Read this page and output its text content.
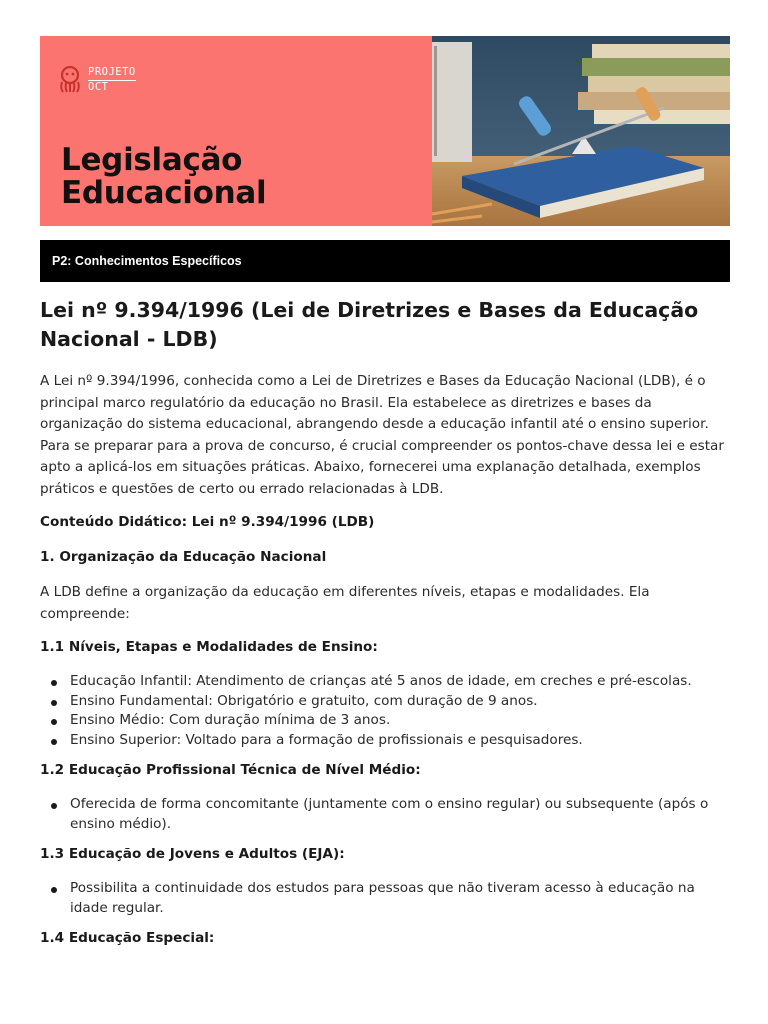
PROJETO
OCT
Legislação
Educacional
P2: Conhecimentos Específicos
Lei nº 9.394/1996 (Lei de Diretrizes e Bases da Educação Nacional - LDB)

A Lei nº 9.394/1996, conhecida como a Lei de Diretrizes e Bases da Educação Nacional (LDB), é o principal marco regulatório da educação no Brasil. Ela estabelece as diretrizes e bases da organização do sistema educacional, abrangendo desde a educação infantil até o ensino superior. Para se preparar para a prova de concurso, é crucial compreender os pontos-chave dessa lei e estar apto a aplicá-los em situações práticas. Abaixo, fornecerei uma explanação detalhada, exemplos práticos e questões de certo ou errado relacionadas à LDB.

Conteúdo Didático: Lei nº 9.394/1996 (LDB)

1. Organização da Educação Nacional

A LDB define a organização da educação em diferentes níveis, etapas e modalidades. Ela compreende:

1.1 Níveis, Etapas e Modalidades de Ensino:

Educação Infantil: Atendimento de crianças até 5 anos de idade, em creches e pré-escolas.
Ensino Fundamental: Obrigatório e gratuito, com duração de 9 anos.
Ensino Médio: Com duração mínima de 3 anos.
Ensino Superior: Voltado para a formação de profissionais e pesquisadores.

1.2 Educação Profissional Técnica de Nível Médio:

Oferecida de forma concomitante (juntamente com o ensino regular) ou subsequente (após o ensino médio).

1.3 Educação de Jovens e Adultos (EJA):

Possibilita a continuidade dos estudos para pessoas que não tiveram acesso à educação na idade regular.

1.4 Educação Especial:
